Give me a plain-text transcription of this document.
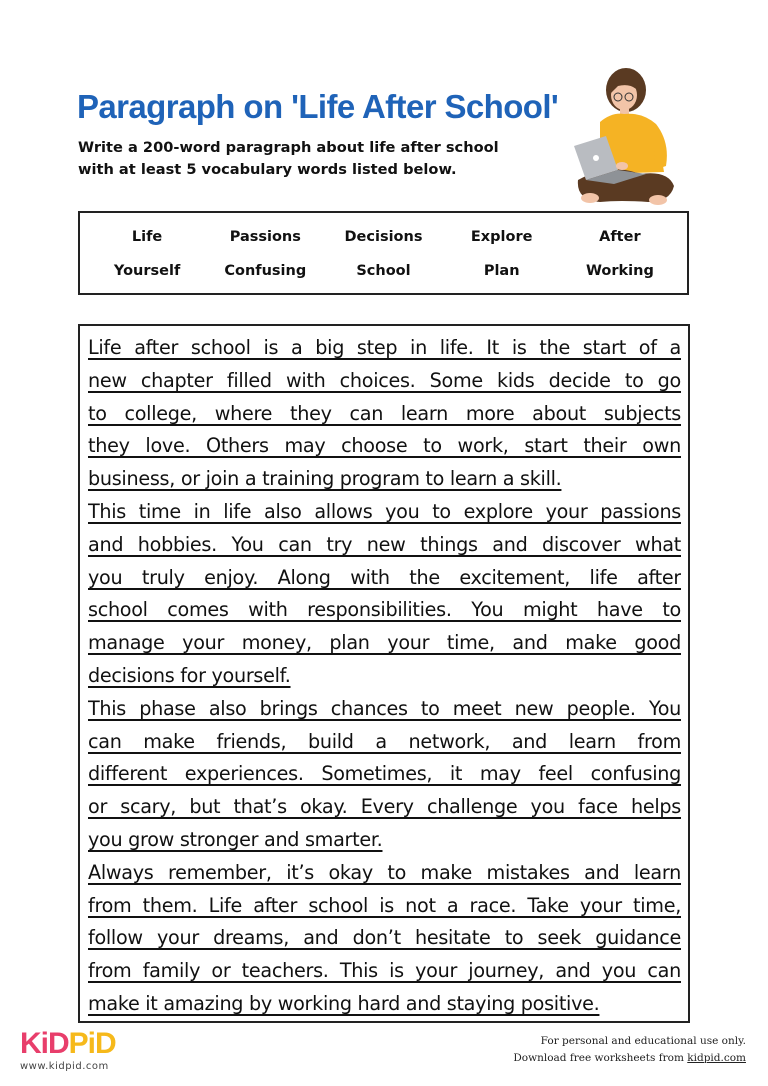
Paragraph on 'Life After School'
Write a 200-word paragraph about life after school with at least 5 vocabulary words listed below.
Life	Passions	Decisions	Explore	After
Yourself	Confusing	School	Plan	Working
Life after school is a big step in life. It is the start of a
new chapter filled with choices. Some kids decide to go
to college, where they can learn more about subjects
they love. Others may choose to work, start their own
business, or join a training program to learn a skill.
This time in life also allows you to explore your passions
and hobbies. You can try new things and discover what
you truly enjoy. Along with the excitement, life after
school comes with responsibilities. You might have to
manage your money, plan your time, and make good
decisions for yourself.
This phase also brings chances to meet new people. You
can make friends, build a network, and learn from
different experiences. Sometimes, it may feel confusing
or scary, but that’s okay. Every challenge you face helps
you grow stronger and smarter.
Always remember, it’s okay to make mistakes and learn
from them. Life after school is not a race. Take your time,
follow your dreams, and don’t hesitate to seek guidance
from family or teachers. This is your journey, and you can
make it amazing by working hard and staying positive.
KiDPiD
www.kidpid.com
For personal and educational use only.
Download free worksheets from kidpid.com
